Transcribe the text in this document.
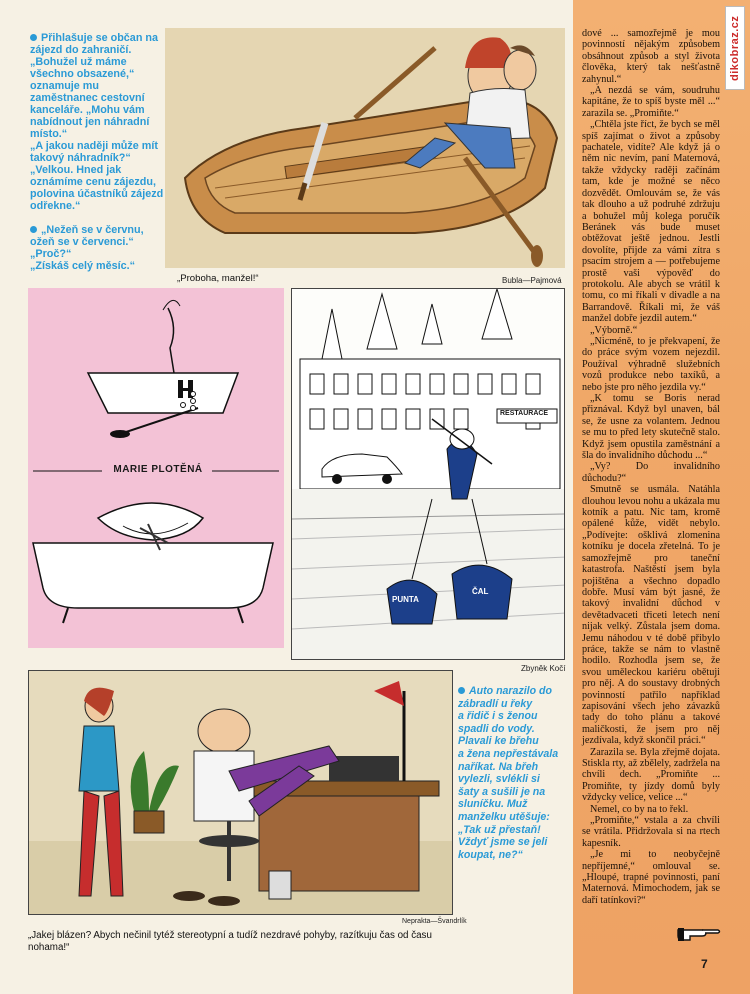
dikobraz.cz

dové ... samozřejmě je mou povinností nějakým způsobem obsáhnout způsob a styl života člověka, který tak nešťastně zahynul.“

„A nezdá se vám, soudruhu kapitáne, že to spíš byste měl ...“ zarazila se. „Promiňte.“

„Chtěla jste říct, že bych se měl spíš zajímat o život a způsoby pachatele, vidíte? Ale když já o něm nic nevím, paní Maternová, takže vždycky raději začínám tam, kde je možné se něco dozvědět. Omlouvám se, že vás tak dlouho a už podruhé zdržuju a bohužel můj kolega poručík Beránek vás bude muset obtěžovat ještě jednou. Jestli dovolíte, přijde za vámi zítra s psacím strojem a — potřebujeme prostě vaši výpověď do protokolu. Ale abych se vrátil k tomu, co mi říkali v divadle a na Barrandově. Říkali mi, že váš manžel dobře jezdil autem.“

„Výborně.“

„Nicméně, to je překvapení, že do práce svým vozem nejezdil. Používal výhradně služebních vozů produkce nebo taxíků, a nebo jste pro něho jezdila vy.“

„K tomu se Boris nerad přiznával. Když byl unaven, bál se, že usne za volantem. Jednou se mu to před lety skutečně stalo. Když jsem opustila zaměstnání a šla do invalidního důchodu ...“

„Vy? Do invalidního důchodu?“

Smutně se usmála. Natáhla dlouhou levou nohu a ukázala mu kotník a patu. Nic tam, kromě opálené kůže, vidět nebylo. „Podívejte: ošklivá zlomenina kotníku je docela zřetelná. To je samozřejmě pro taneční katastrofa. Naštěstí jsem byla pojištěna a všechno dopadlo dobře. Musí vám být jasné, že takový invalidní důchod v devětadvaceti třiceti letech není nijak velký. Zůstala jsem doma. Jemu náhodou v té době přibylo práce, takže se nám to vlastně hodilo. Rozhodla jsem se, že svou uměleckou kariéru obětuji pro něj. A do soustavy drobných povinností patřilo například zapisování všech jeho závazků tady do toho plánu a takové maličkosti, že jsem pro něj jezdívala, když skončil práci.“

Zarazila se. Byla zřejmě dojata. Stiskla rty, až zbělely, zadržela na chvíli dech. „Promiňte ... Promiňte, ty jízdy domů byly vždycky velice, velice ...“

Nemel, co by na to řekl.

„Promiňte,“ vstala a za chvíli se vrátila. Přidržovala si na rtech kapesník.

„Je mi to neobyčejně nepříjemné,“ omlouval se. „Hloupé, trapné povinnosti, paní Maternová. Mimochodem, jak se daří tatínkovi?“

7
Přihlašuje se občan na
zájezd do zahraničí.
„Bohužel už máme
všechno obsazené,“
oznamuje mu
zaměstnanec cestovní
kanceláře. „Mohu vám
nabídnout jen náhradní
místo.“
„A jakou naději může mít
takový náhradník?“
„Velkou. Hned jak
oznámíme cenu zájezdu,
polovina účastníků zájezd
odřekne.“
„Nežeň se v červnu,
ožeň se v červenci.“
„Proč?“
„Získáš celý měsíc.“
„Proboha, manžel!“	Bubla—Pajmová
MARIE PLOTĚNÁ
RESTAURACE
PUNTA
ČAL
Zbyněk Kočí
Neprakta—Švandrlík
„Jakej blázen? Abych nečinil tytéž stereotypní a tudíž nezdravé pohyby, razítkuju čas od času
nohama!“
Auto narazilo do
zábradlí u řeky
a řidič i s ženou
spadli do vody.
Plavali ke břehu
a žena nepřestávala
naříkat. Na břeh
vylezli, svlékli si
šaty a sušili je na
sluníčku. Muž
manželku utěšuje:
„Tak už přestaň!
Vždyť jsme se jeli
koupat, ne?“
